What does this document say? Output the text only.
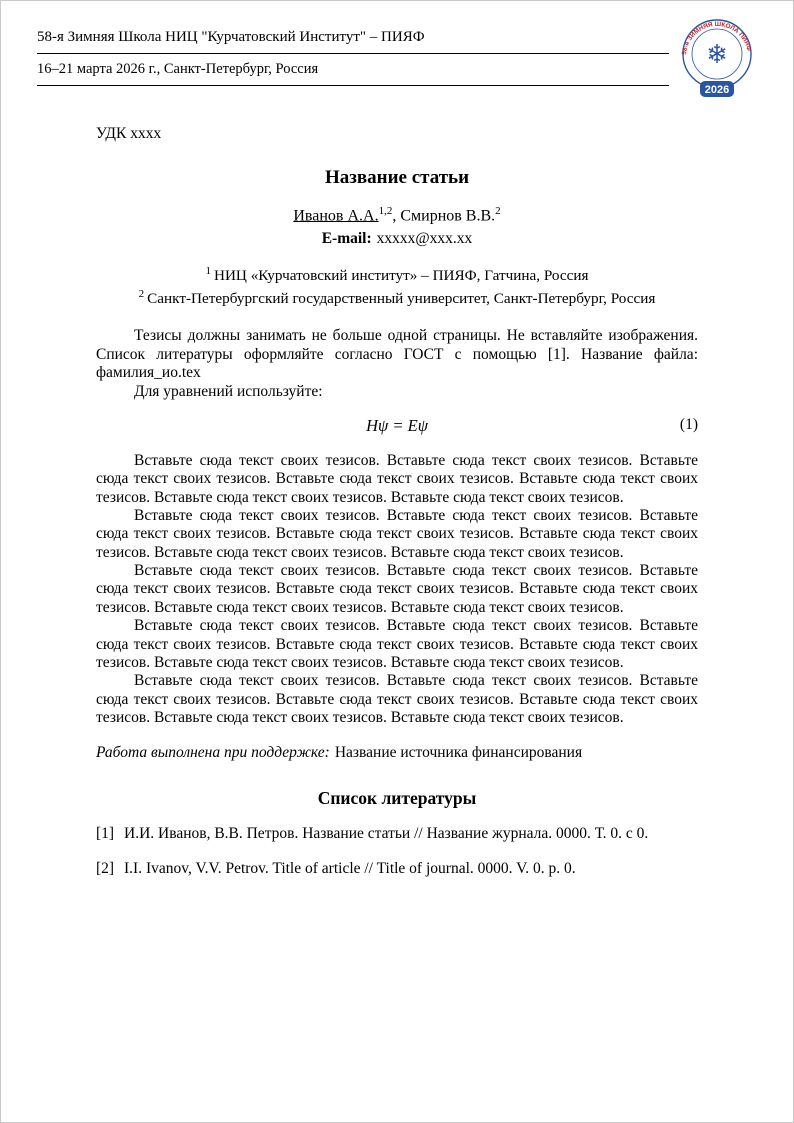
58-я Зимняя Школа НИЦ "Курчатовский Институт" – ПИЯФ
16–21 марта 2026 г., Санкт-Петербург, Россия
58-я ЗИМНЯЯ ШКОЛА ПИЯФ
❄
2026

УДК xxxx

Название статьи

Иванов А.А.$^{1,2}$, Смирнов В.В.$^2$

E-mail: xxxxx@xxx.xx

$^1$ НИЦ «Курчатовский институт» – ПИЯФ, Гатчина, Россия
$^2$ Санкт-Петербургский государственный университет, Санкт-Петербург, Россия

Тезисы должны занимать не больше одной страницы. Не вставляйте изображения. Список литературы оформляйте согласно ГОСТ с помощью [1]. Название файла: фамилия_ио.tex

Для уравнений используйте:

Hψ = Eψ	(1)

Вставьте сюда текст своих тезисов. Вставьте сюда текст своих тезисов. Вставьте сюда текст своих тезисов. Вставьте сюда текст своих тезисов. Вставьте сюда текст своих тезисов. Вставьте сюда текст своих тезисов. Вставьте сюда текст своих тезисов.

Вставьте сюда текст своих тезисов. Вставьте сюда текст своих тезисов. Вставьте сюда текст своих тезисов. Вставьте сюда текст своих тезисов. Вставьте сюда текст своих тезисов. Вставьте сюда текст своих тезисов. Вставьте сюда текст своих тезисов.

Вставьте сюда текст своих тезисов. Вставьте сюда текст своих тезисов. Вставьте сюда текст своих тезисов. Вставьте сюда текст своих тезисов. Вставьте сюда текст своих тезисов. Вставьте сюда текст своих тезисов. Вставьте сюда текст своих тезисов.

Вставьте сюда текст своих тезисов. Вставьте сюда текст своих тезисов. Вставьте сюда текст своих тезисов. Вставьте сюда текст своих тезисов. Вставьте сюда текст своих тезисов. Вставьте сюда текст своих тезисов. Вставьте сюда текст своих тезисов.

Вставьте сюда текст своих тезисов. Вставьте сюда текст своих тезисов. Вставьте сюда текст своих тезисов. Вставьте сюда текст своих тезисов. Вставьте сюда текст своих тезисов. Вставьте сюда текст своих тезисов. Вставьте сюда текст своих тезисов.

Работа выполнена при поддержке: Название источника финансирования

Список литературы
[1] И.И. Иванов, В.В. Петров. Название статьи // Название журнала. 0000. Т. 0. с 0.
[2] I.I. Ivanov, V.V. Petrov. Title of article // Title of journal. 0000. V. 0. p. 0.
